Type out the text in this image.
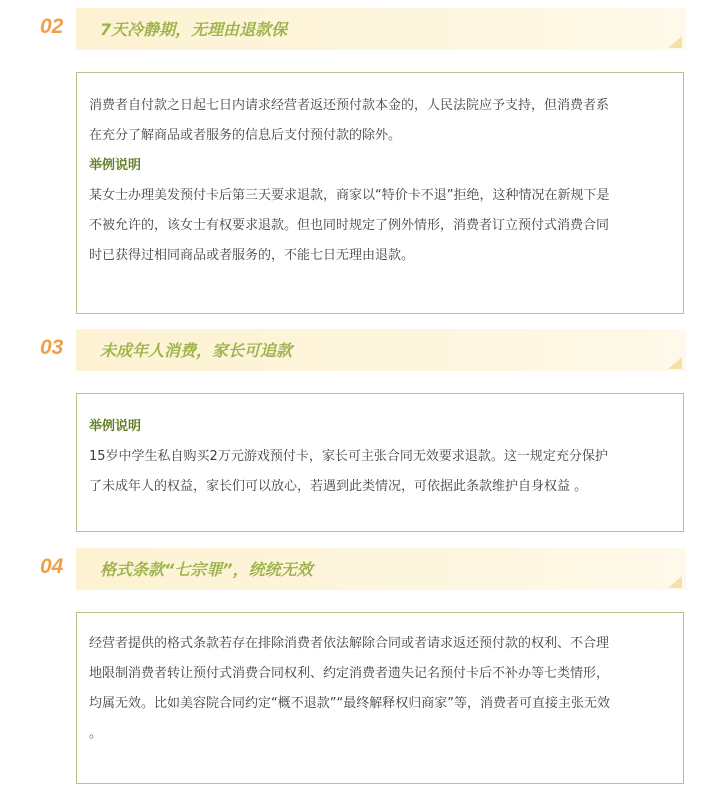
02 7天冷静期，无理由退款保

消费者自付款之日起七日内请求经营者返还预付款本金的，人民法院应予支持，但消费者系

在充分了解商品或者服务的信息后支付预付款的除外。

举例说明

某女士办理美发预付卡后第三天要求退款，商家以“特价卡不退”拒绝，这种情况在新规下是

不被允许的，该女士有权要求退款。但也同时规定了例外情形，消费者订立预付式消费合同

时已获得过相同商品或者服务的，不能七日无理由退款。

03 未成年人消费，家长可追款

举例说明

15岁中学生私自购买2万元游戏预付卡，家长可主张合同无效要求退款。这一规定充分保护

了未成年人的权益，家长们可以放心，若遇到此类情况，可依据此条款维护自身权益 。

04 格式条款“七宗罪”，统统无效

经营者提供的格式条款若存在排除消费者依法解除合同或者请求返还预付款的权利、不合理

地限制消费者转让预付式消费合同权利、约定消费者遗失记名预付卡后不补办等七类情形，

均属无效。比如美容院合同约定“概不退款”“最终解释权归商家”等，消费者可直接主张无效

。
